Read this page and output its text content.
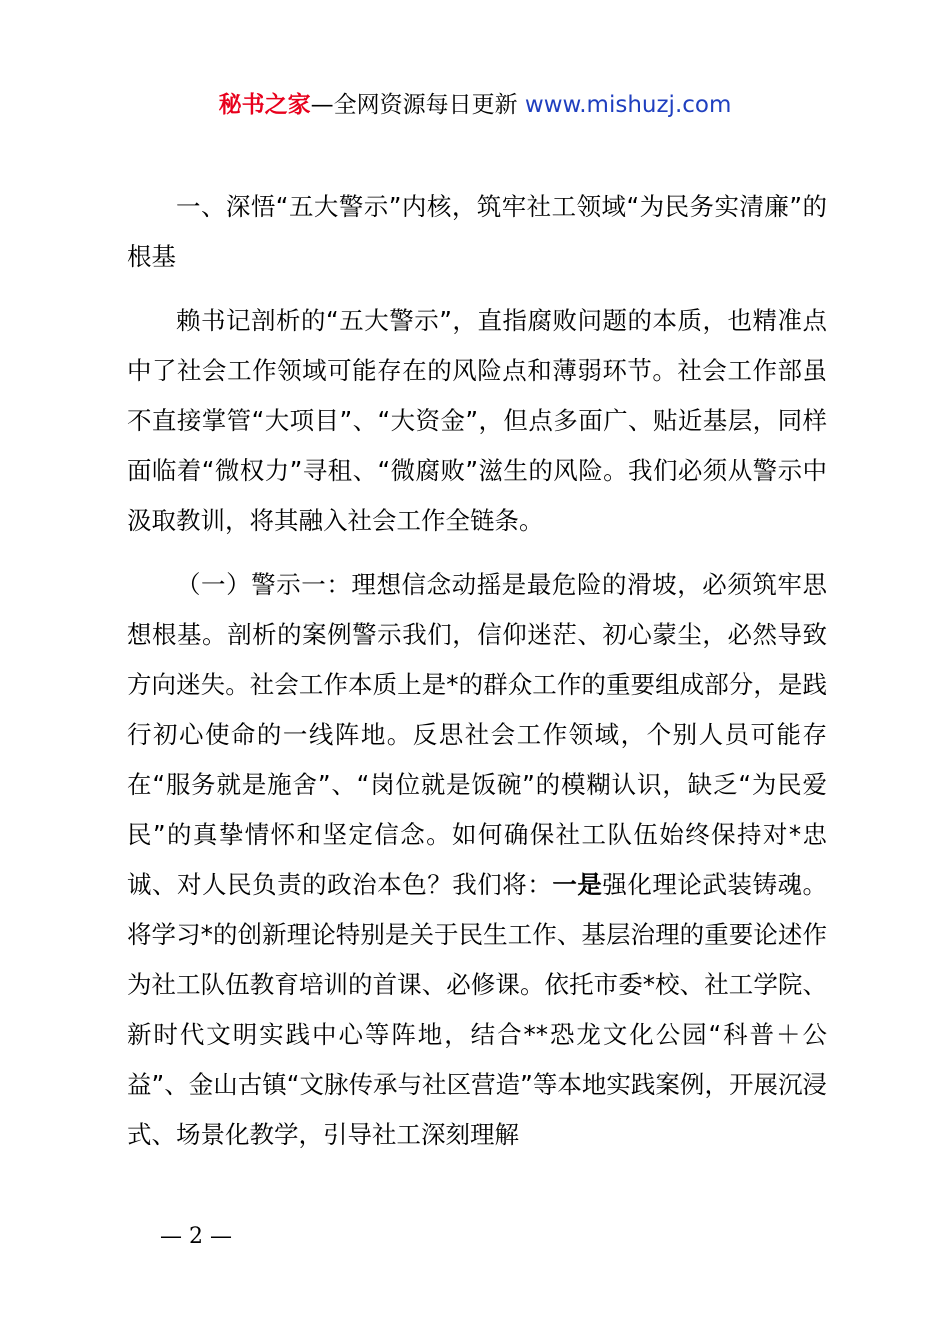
秘书之家—全网资源每日更新 www.mishuzj.com

一、深悟“五大警示”内核，筑牢社工领域“为民务实清廉”的根基

赖书记剖析的“五大警示”，直指腐败问题的本质，也精准点中了社会工作领域可能存在的风险点和薄弱环节。社会工作部虽不直接掌管“大项目”、“大资金”，但点多面广、贴近基层，同样面临着“微权力”寻租、“微腐败”滋生的风险。我们必须从警示中汲取教训，将其融入社会工作全链条。

（一）警示一：理想信念动摇是最危险的滑坡，必须筑牢思想根基。剖析的案例警示我们，信仰迷茫、初心蒙尘，必然导致方向迷失。社会工作本质上是*的群众工作的重要组成部分，是践行初心使命的一线阵地。反思社会工作领域，个别人员可能存在“服务就是施舍”、“岗位就是饭碗”的模糊认识，缺乏“为民爱民”的真挚情怀和坚定信念。如何确保社工队伍始终保持对*忠诚、对人民负责的政治本色？我们将：一是强化理论武装铸魂。将学习*的创新理论特别是关于民生工作、基层治理的重要论述作为社工队伍教育培训的首课、必修课。依托市委*校、社工学院、新时代文明实践中心等阵地，结合**恐龙文化公园“科普＋公益”、金山古镇“文脉传承与社区营造”等本地实践案例，开展沉浸式、场景化教学，引导社工深刻理解

— 2 —
